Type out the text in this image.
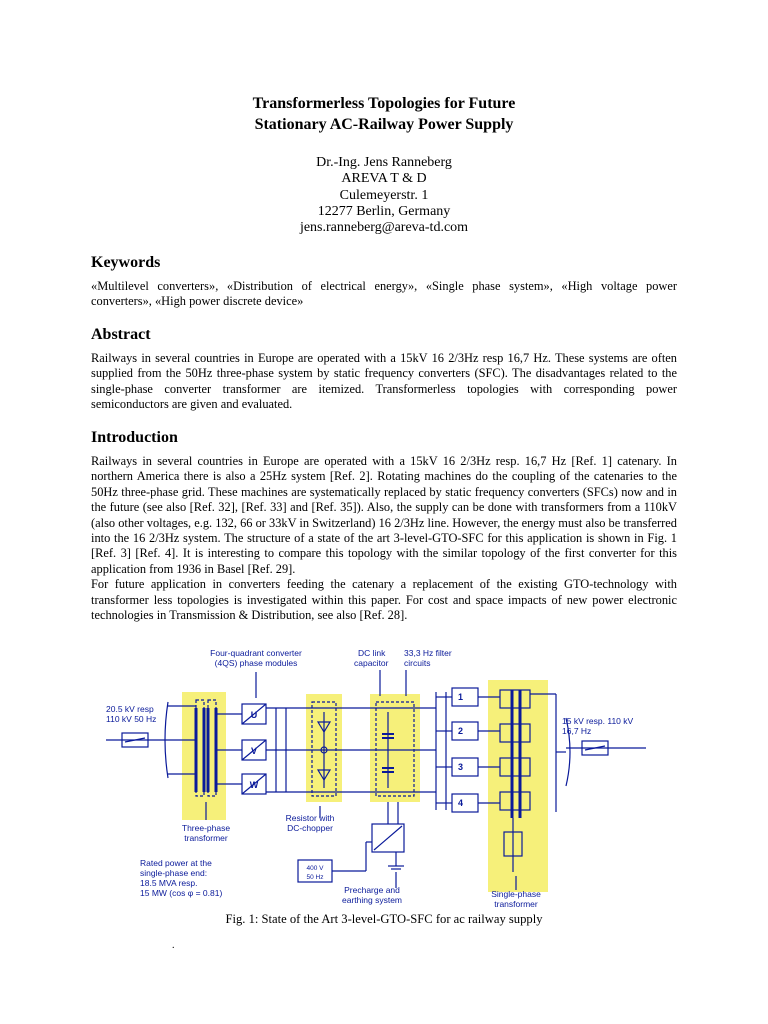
Transformerless Topologies for Future
Stationary AC-Railway Power Supply
Dr.-Ing. Jens Ranneberg
AREVA T & D
Culemeyerstr. 1
12277 Berlin, Germany
jens.ranneberg@areva-td.com
Keywords
«Multilevel converters», «Distribution of electrical energy», «Single phase system», «High voltage power converters», «High power discrete device»
Abstract
Railways in several countries in Europe are operated with a 15kV 16 2/3Hz resp 16,7 Hz. These systems are often supplied from the 50Hz three-phase system by static frequency converters (SFC). The disadvantages related to the single-phase converter transformer are itemized. Transformerless topologies with corresponding power semiconductors are given and evaluated.
Introduction

Railways in several countries in Europe are operated with a 15kV 16 2/3Hz resp. 16,7 Hz [Ref. 1] catenary. In northern America there is also a 25Hz system [Ref. 2]. Rotating machines do the coupling of the catenaries to the 50Hz three-phase grid. These machines are systematically replaced by static frequency converters (SFCs) now and in the future (see also [Ref. 32], [Ref. 33] and [Ref. 35]). Also, the supply can be done with transformers from a 110kV (also other voltages, e.g. 132, 66 or 33kV in Switzerland) 16 2/3Hz line. However, the energy must also be transferred into the 16 2/3Hz system. The structure of a state of the art 3-level-GTO-SFC for this application is shown in Fig. 1 [Ref. 3] [Ref. 4]. It is interesting to compare this topology with the similar topology of the first converter for this application from 1936 in Basel [Ref. 29].

For future application in converters feeding the catenary a replacement of the existing GTO-technology with transformer less topologies is investigated within this paper. For cost and space impacts of new power electronic technologies in Transmission & Distribution, see also [Ref. 28].

Four-quadrant converter
(4QS) phase modules
DC link
capacitor
33,3 Hz filter
circuits
20.5 kV resp
110 kV 50 Hz	15 kV resp. 110 kV
16,7 Hz
U
V
W
1
2
3
4
Three-phase
transformer
Resistor with
DC-chopper
Rated power at the
single-phase end:
18.5 MVA resp.
15 MW (cos φ = 0.81)
400 V
50 Hz
Precharge and
earthing system
Single-phase
transformer
Fig. 1: State of the Art 3-level-GTO-SFC for ac railway supply
.
